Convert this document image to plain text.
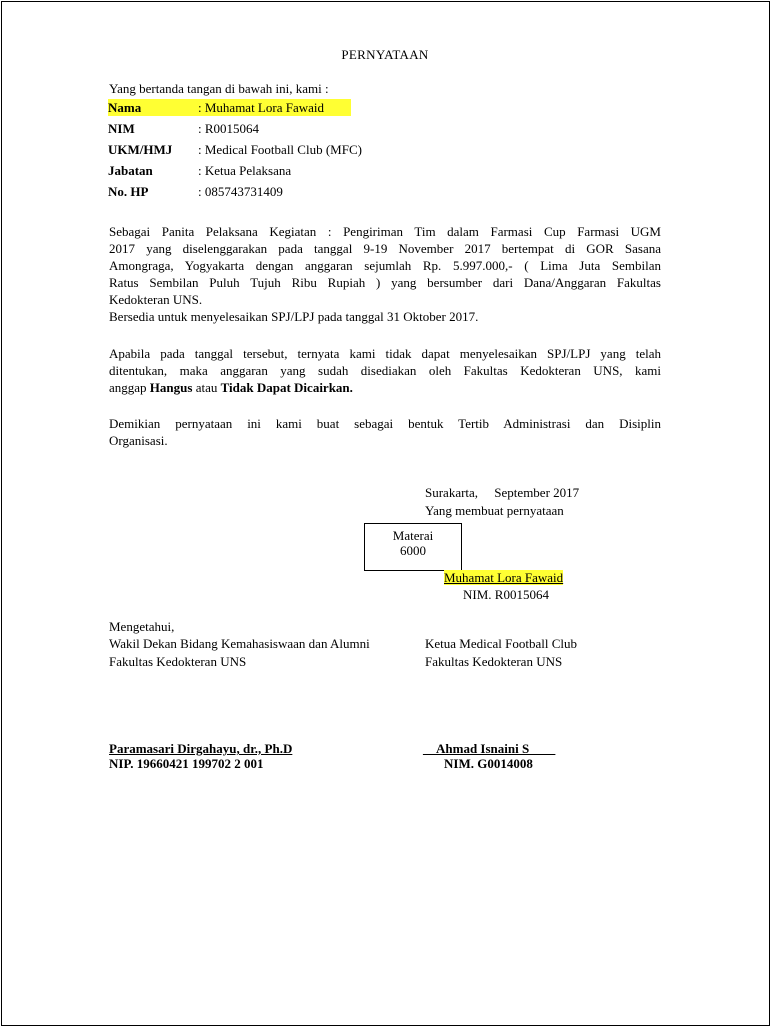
PERNYATAAN
Yang bertanda tangan di bawah ini, kami :
Nama	: Muhamat Lora Fawaid
NIM	: R0015064
UKM/HMJ : Medical Football Club (MFC)
Jabatan	: Ketua Pelaksana
No. HP	: 085743731409
Sebagai Panita Pelaksana Kegiatan : Pengiriman Tim dalam Farmasi Cup Farmasi UGM
2017 yang diselenggarakan pada tanggal 9-19 November 2017 bertempat di GOR Sasana
Amongraga, Yogyakarta dengan anggaran sejumlah Rp. 5.997.000,- ( Lima Juta Sembilan
Ratus Sembilan Puluh Tujuh Ribu Rupiah ) yang bersumber dari Dana/Anggaran Fakultas
Kedokteran UNS.
Bersedia untuk menyelesaikan SPJ/LPJ pada tanggal 31 Oktober 2017.
Apabila pada tanggal tersebut, ternyata kami tidak dapat menyelesaikan SPJ/LPJ yang telah
ditentukan, maka anggaran yang sudah disediakan oleh Fakultas Kedokteran UNS, kami
anggap Hangus atau Tidak Dapat Dicairkan.
Demikian pernyataan ini kami buat sebagai bentuk Tertib Administrasi dan Disiplin
Organisasi.
Surakarta,     September 2017
Yang membuat pernyataan
Materai
6000
Muhamat Lora Fawaid
NIM. R0015064
Mengetahui,
Wakil Dekan Bidang Kemahasiswaan dan Alumni
Fakultas Kedokteran UNS
Ketua Medical Football Club
Fakultas Kedokteran UNS
Paramasari Dirgahayu, dr., Ph.D
NIP. 19660421 199702 2 001
__Ahmad Isnaini S____
NIM. G0014008
